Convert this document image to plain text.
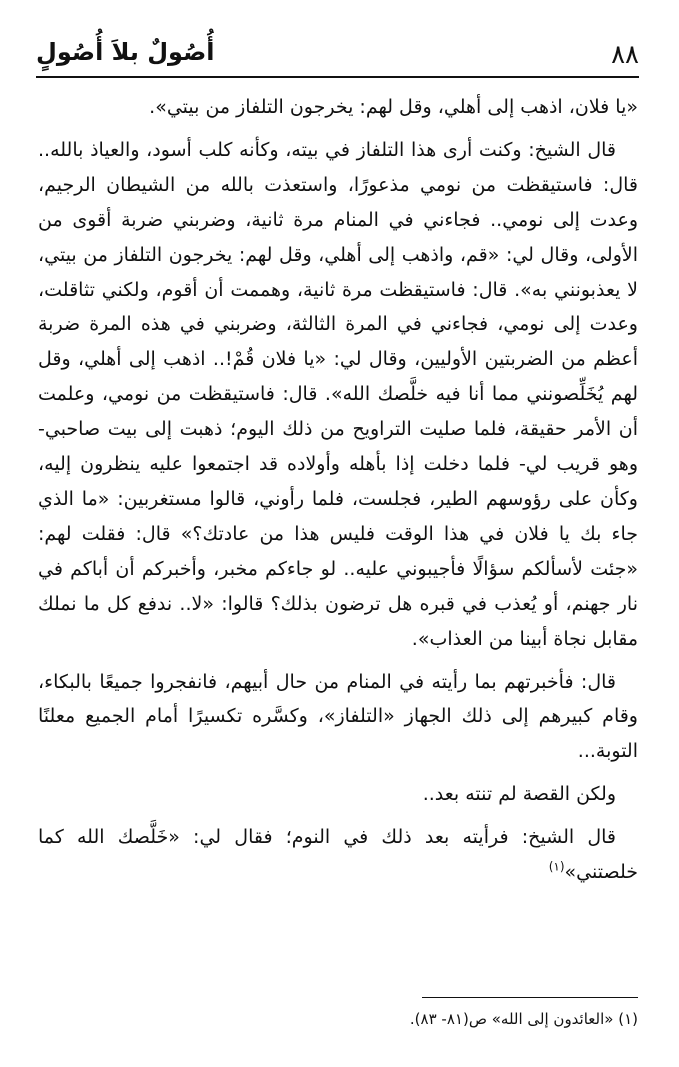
٨٨
أُصُولٌ بلاَ أُصُولٍ

«يا فلان، اذهب إلى أهلي، وقل لهم: يخرجون التلفاز من بيتي».

قال الشيخ: وكنت أرى هذا التلفاز في بيته، وكأنه كلب أسود، والعياذ بالله.. قال: فاستيقظت من نومي مذعورًا، واستعذت بالله من الشيطان الرجيم، وعدت إلى نومي.. فجاءني في المنام مرة ثانية، وضربني ضربة أقوى من الأولى، وقال لي: «قم، واذهب إلى أهلي، وقل لهم: يخرجون التلفاز من بيتي، لا يعذبونني به». قال: فاستيقظت مرة ثانية، وهممت أن أقوم، ولكني تثاقلت، وعدت إلى نومي، فجاءني في المرة الثالثة، وضربني في هذه المرة ضربة أعظم من الضربتين الأوليين، وقال لي: «يا فلان قُمْ!.. اذهب إلى أهلي، وقل لهم يُخَلِّصونني مما أنا فيه خلَّصك الله». قال: فاستيقظت من نومي، وعلمت أن الأمر حقيقة، فلما صليت التراويح من ذلك اليوم؛ ذهبت إلى بيت صاحبي- وهو قريب لي- فلما دخلت إذا بأهله وأولاده قد اجتمعوا عليه ينظرون إليه، وكأن على رؤوسهم الطير، فجلست، فلما رأوني، قالوا مستغربين: «ما الذي جاء بك يا فلان في هذا الوقت فليس هذا من عادتك؟» قال: فقلت لهم: «جئت لأسألكم سؤالًا فأجيبوني عليه.. لو جاءكم مخبر، وأخبركم أن أباكم في نار جهنم، أو يُعذب في قبره هل ترضون بذلك؟ قالوا: «لا.. ندفع كل ما نملك مقابل نجاة أبينا من العذاب».

قال: فأخبرتهم بما رأيته في المنام من حال أبيهم، فانفجروا جميعًا بالبكاء، وقام كبيرهم إلى ذلك الجهاز «التلفاز»، وكسَّره تكسيرًا أمام الجميع معلنًا التوبة...

ولكن القصة لم تنته بعد..

قال الشيخ: فرأيته بعد ذلك في النوم؛ فقال لي: «خَلَّصك الله كما خلصتني»$^{(١)}$

(١) «العائدون إلى الله» ص(٨١- ٨٣).
